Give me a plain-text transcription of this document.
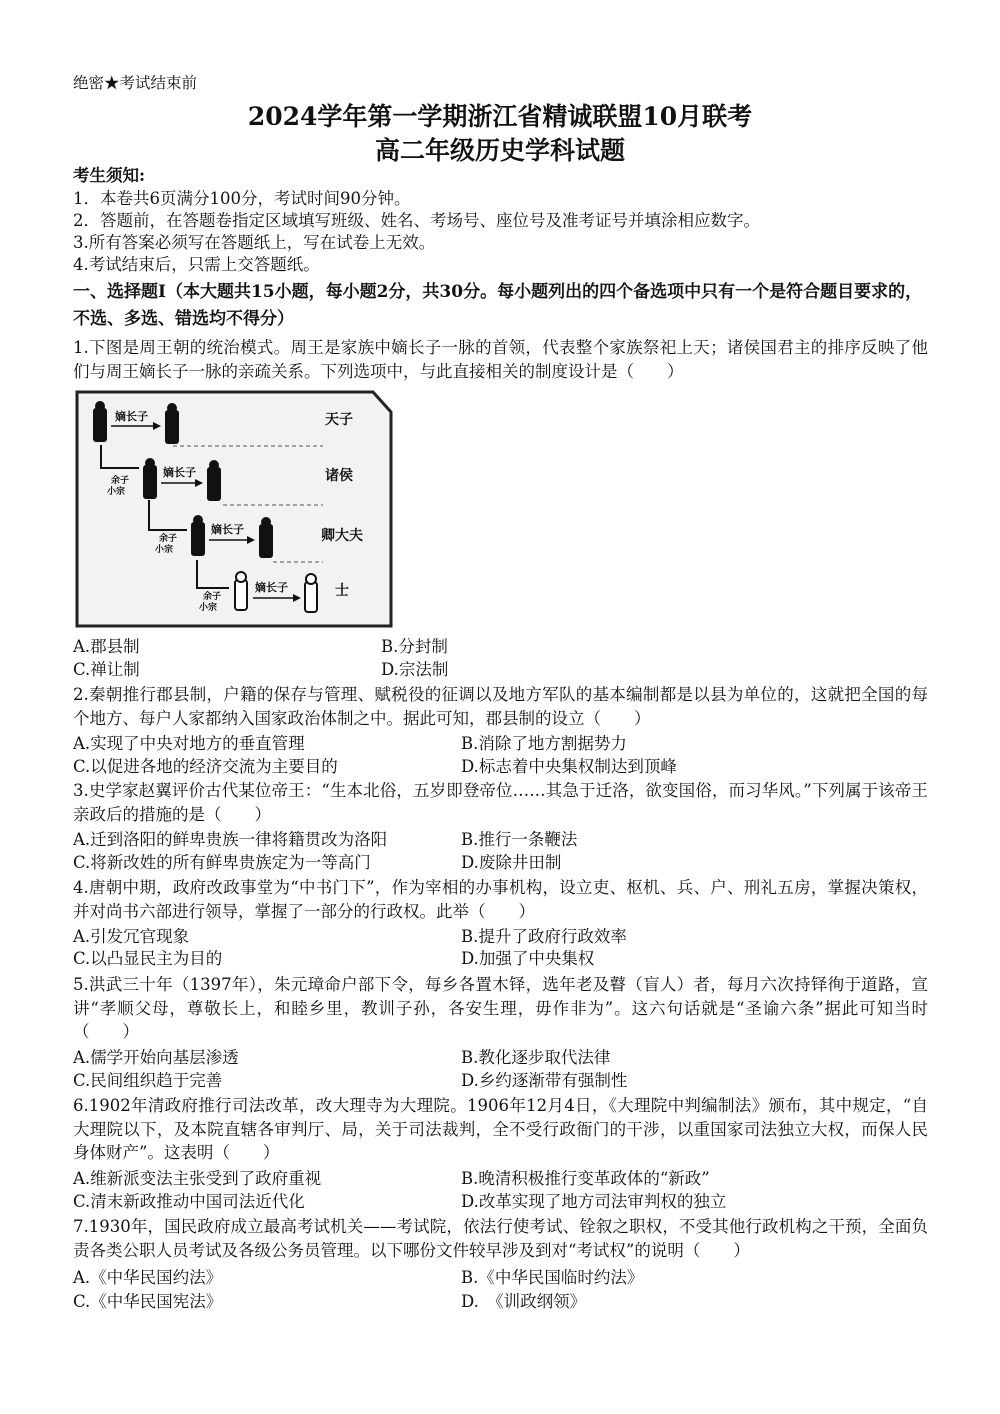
绝密★考试结束前
2024学年第一学期浙江省精诚联盟10月联考
高二年级历史学科试题
考生须知:
1．本卷共6页满分100分，考试时间90分钟。
2．答题前，在答题卷指定区域填写班级、姓名、考场号、座位号及准考证号并填涂相应数字。
3.所有答案必须写在答题纸上，写在试卷上无效。
4.考试结束后，只需上交答题纸。
一、选择题Ⅰ（本大题共15小题，每小题2分，共30分。每小题列出的四个备选项中只有一个是符合题目要求的，不选、多选、错选均不得分）
1.下图是周王朝的统治模式。周王是家族中嫡长子一脉的首领，代表整个家族祭祀上天；诸侯国君主的排序反映了他们与周王嫡长子一脉的亲疏关系。下列选项中，与此直接相关的制度设计是（　　）
嫡长子
嫡长子
嫡长子
嫡长子
余子
小宗
余子
小宗
余子
小宗
天子
诸侯
卿大夫
士
A.郡县制	B.分封制
C.禅让制	D.宗法制
2.秦朝推行郡县制，户籍的保存与管理、赋税役的征调以及地方军队的基本编制都是以县为单位的，这就把全国的每个地方、每户人家都纳入国家政治体制之中。据此可知，郡县制的设立（　　）
A.实现了中央对地方的垂直管理	B.消除了地方割据势力
C.以促进各地的经济交流为主要目的	D.标志着中央集权制达到顶峰
3.史学家赵翼评价古代某位帝王：“生本北俗，五岁即登帝位……其急于迁洛，欲变国俗，而习华风。”下列属于该帝王亲政后的措施的是（　　）
A.迁到洛阳的鲜卑贵族一律将籍贯改为洛阳	B.推行一条鞭法
C.将新改姓的所有鲜卑贵族定为一等高门	D.废除井田制
4.唐朝中期，政府改政事堂为“中书门下”，作为宰相的办事机构，设立吏、枢机、兵、户、刑礼五房，掌握决策权，并对尚书六部进行领导，掌握了一部分的行政权。此举（　　）
A.引发冗官现象	B.提升了政府行政效率
C.以凸显民主为目的	D.加强了中央集权
5.洪武三十年（1397年），朱元璋命户部下令，每乡各置木铎，选年老及瞽（盲人）者，每月六次持铎徇于道路，宣讲“孝顺父母，尊敬长上，和睦乡里，教训子孙，各安生理，毋作非为”。这六句话就是“圣谕六条”据此可知当时（　　）
A.儒学开始向基层渗透	B.教化逐步取代法律
C.民间组织趋于完善	D.乡约逐渐带有强制性
6.1902年清政府推行司法改革，改大理寺为大理院。1906年12月4日，《大理院中判编制法》颁布，其中规定，“自大理院以下，及本院直辖各审判厅、局，关于司法裁判，全不受行政衙门的干涉，以重国家司法独立大权，而保人民身体财产”。这表明（　　）
A.维新派变法主张受到了政府重视	B.晚清积极推行变革政体的“新政”
C.清末新政推动中国司法近代化	D.改革实现了地方司法审判权的独立
7.1930年，国民政府成立最高考试机关——考试院，依法行使考试、铨叙之职权，不受其他行政机构之干预，全面负责各类公职人员考试及各级公务员管理。以下哪份文件较早涉及到对“考试权”的说明（　　）
A.《中华民国约法》	B.《中华民国临时约法》
C.《中华民国宪法》	D.　《训政纲领》
